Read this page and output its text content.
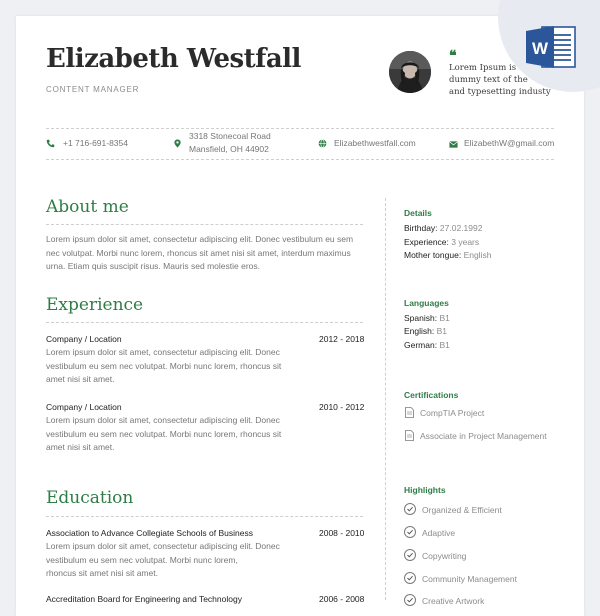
W
Elizabeth Westfall
CONTENT MANAGER
❝
Lorem Ipsum is
dummy text of the
and typesetting industy
+1 716-691-8354
3318 Stonecoal Road
Mansfield, OH 44902
Elizabethwestfall.com	ElizabethW@gmail.com
About me
Lorem ipsum dolor sit amet, consectetur adipiscing elit. Donec vestibulum eu sem
nec volutpat. Morbi nunc lorem, rhoncus sit amet nisi sit amet, interdum maximus
urna. Etiam quis suscipit risus. Mauris sed molestie eros.
Experience
Company / Location	2012 - 2018
Lorem ipsum dolor sit amet, consectetur adipiscing elit. Donec
vestibulum eu sem nec volutpat. Morbi nunc lorem, rhoncus sit
amet nisi sit amet.
Company / Location	2010 - 2012
Lorem ipsum dolor sit amet, consectetur adipiscing elit. Donec
vestibulum eu sem nec volutpat. Morbi nunc lorem, rhoncus sit
amet nisi sit amet.
Education
Association to Advance Collegiate Schools of Business	2008 - 2010
Lorem ipsum dolor sit amet, consectetur adipiscing elit. Donec
vestibulum eu sem nec volutpat. Morbi nunc lorem,
rhoncus sit amet nisi sit amet.
Accreditation Board for Engineering and Technology	2006 - 2008
Details
Birthday: 27.02.1992
Experience: 3 years
Mother tongue: English
Languages
Spanish: B1
English: B1
German: B1
Certifications
CompTIA Project
Associate in Project Management
Highlights
Organized & Efficient
Adaptive
Copywriting
Community Management
Creative Artwork
